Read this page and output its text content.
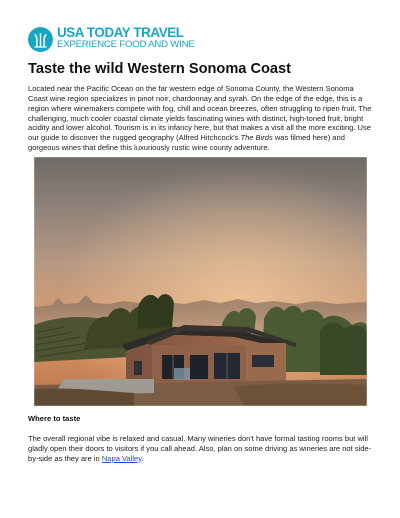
USA TODAY TRAVEL
EXPERIENCE FOOD AND WINE
Taste the wild Western Sonoma Coast

Located near the Pacific Ocean on the far western edge of Sonoma County, the Western Sonoma Coast wine region specializes in pinot noir, chardonnay and syrah. On the edge of the edge, this is a region where winemakers compete with fog, chill and ocean breezes, often struggling to ripen fruit. The challenging, much cooler coastal climate yields fascinating wines with distinct, high-toned fruit, bright acidity and lower alcohol. Tourism is in its infancy here, but that makes a visit all the more exciting. Use our guide to discover the rugged geography (Alfred Hitchcock's The Birds was filmed here) and gorgeous wines that define this luxuriously rustic wine county adventure.

Where to taste

The overall regional vibe is relaxed and casual. Many wineries don't have formal tasting rooms but will gladly open their doors to visitors if you call ahead. Also, plan on some driving as wineries are not side-by-side as they are in Napa Valley.
